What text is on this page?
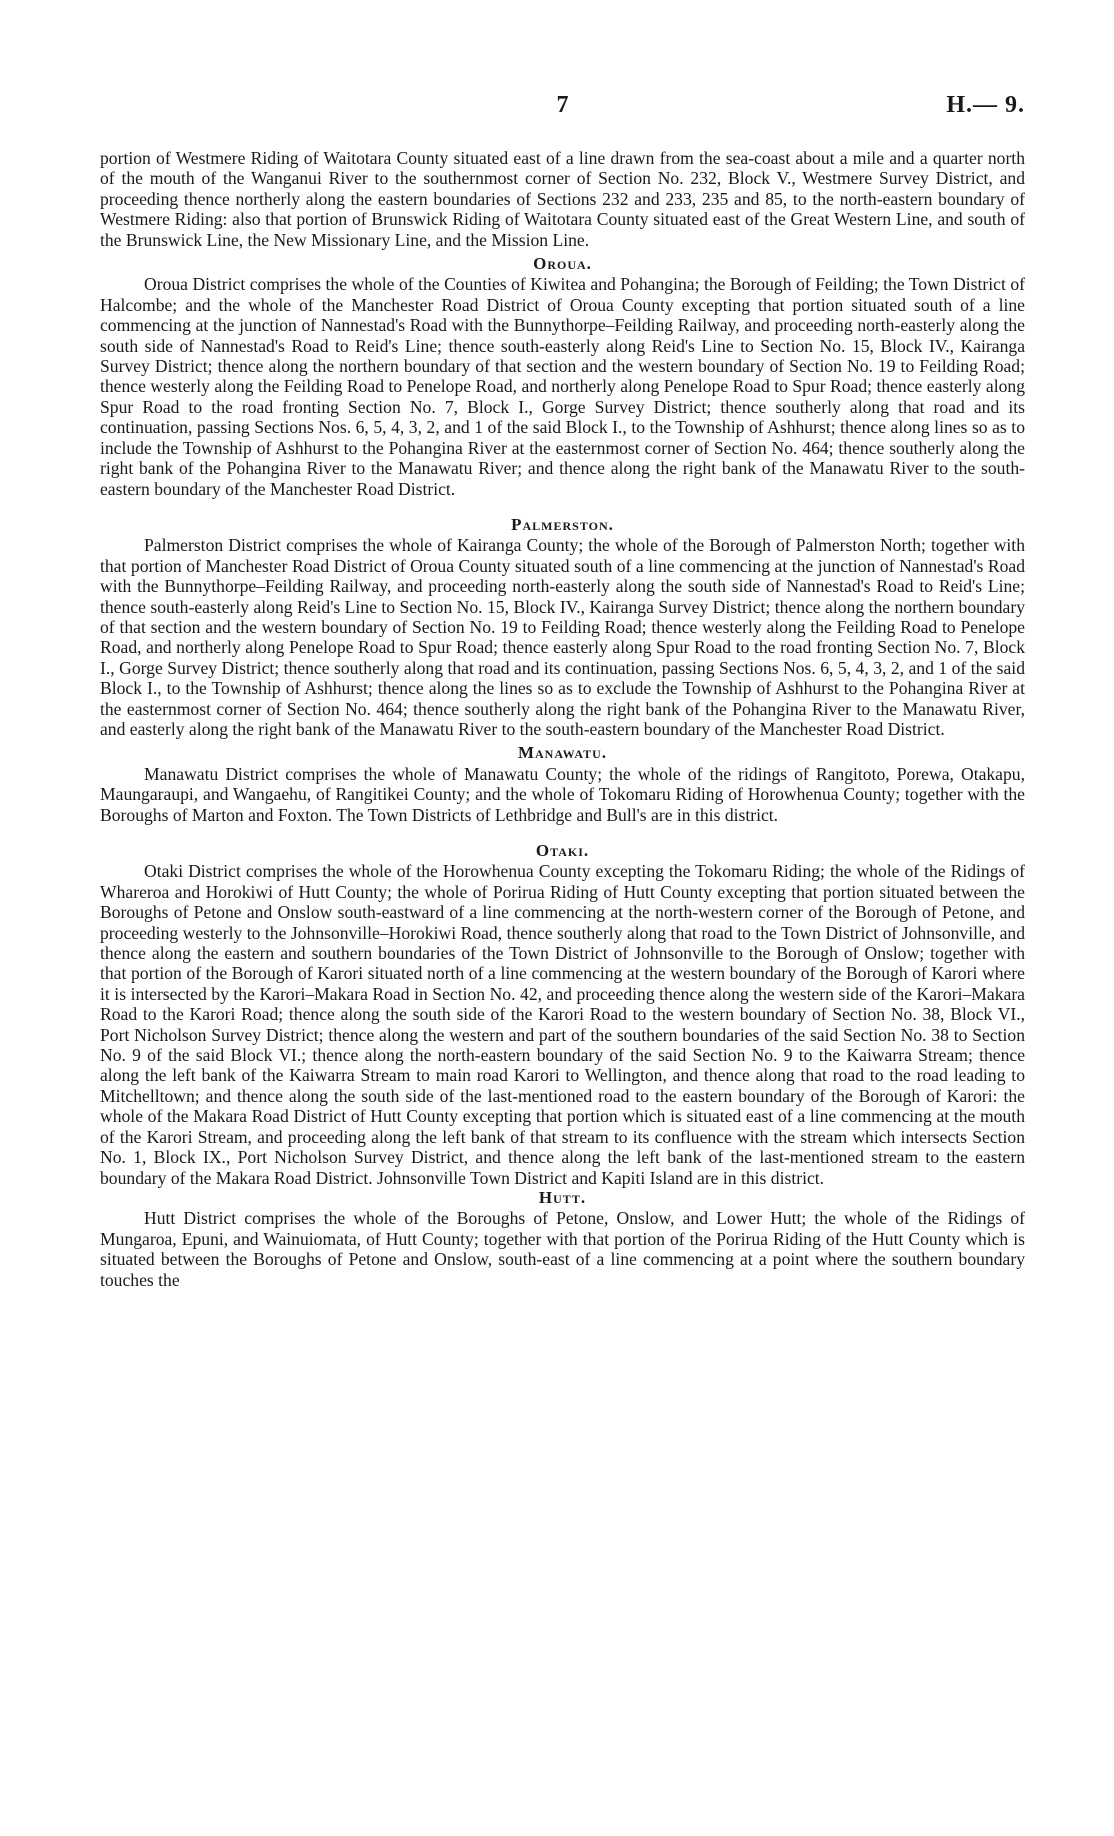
7	H.— 9.

portion of Westmere Riding of Waitotara County situated east of a line drawn from the sea-coast about a mile and a quarter north of the mouth of the Wanganui River to the southernmost corner of Section No. 232, Block V., Westmere Survey District, and proceeding thence northerly along the eastern boundaries of Sections 232 and 233, 235 and 85, to the north-eastern boundary of Westmere Riding: also that portion of Brunswick Riding of Waitotara County situated east of the Great Western Line, and south of the Brunswick Line, the New Missionary Line, and the Mission Line.

Oroua.

Oroua District comprises the whole of the Counties of Kiwitea and Pohangina; the Borough of Feilding; the Town District of Halcombe; and the whole of the Manchester Road District of Oroua County excepting that portion situated south of a line commencing at the junction of Nannestad's Road with the Bunnythorpe–Feilding Railway, and proceeding north-easterly along the south side of Nannestad's Road to Reid's Line; thence south-easterly along Reid's Line to Section No. 15, Block IV., Kairanga Survey District; thence along the northern boundary of that section and the western boundary of Section No. 19 to Feilding Road; thence westerly along the Feilding Road to Penelope Road, and northerly along Penelope Road to Spur Road; thence easterly along Spur Road to the road fronting Section No. 7, Block I., Gorge Survey District; thence southerly along that road and its continuation, passing Sections Nos. 6, 5, 4, 3, 2, and 1 of the said Block I., to the Township of Ashhurst; thence along lines so as to include the Township of Ashhurst to the Pohangina River at the easternmost corner of Section No. 464; thence southerly along the right bank of the Pohangina River to the Manawatu River; and thence along the right bank of the Manawatu River to the south-eastern boundary of the Manchester Road District.

Palmerston.

Palmerston District comprises the whole of Kairanga County; the whole of the Borough of Palmerston North; together with that portion of Manchester Road District of Oroua County situated south of a line commencing at the junction of Nannestad's Road with the Bunnythorpe–Feilding Railway, and proceeding north-easterly along the south side of Nannestad's Road to Reid's Line; thence south-easterly along Reid's Line to Section No. 15, Block IV., Kairanga Survey District; thence along the northern boundary of that section and the western boundary of Section No. 19 to Feilding Road; thence westerly along the Feilding Road to Penelope Road, and northerly along Penelope Road to Spur Road; thence easterly along Spur Road to the road fronting Section No. 7, Block I., Gorge Survey District; thence southerly along that road and its continuation, passing Sections Nos. 6, 5, 4, 3, 2, and 1 of the said Block I., to the Township of Ashhurst; thence along the lines so as to exclude the Township of Ashhurst to the Pohangina River at the easternmost corner of Section No. 464; thence southerly along the right bank of the Pohangina River to the Manawatu River, and easterly along the right bank of the Manawatu River to the south-eastern boundary of the Manchester Road District.

Manawatu.

Manawatu District comprises the whole of Manawatu County; the whole of the ridings of Rangitoto, Porewa, Otakapu, Maungaraupi, and Wangaehu, of Rangitikei County; and the whole of Tokomaru Riding of Horowhenua County; together with the Boroughs of Marton and Foxton. The Town Districts of Lethbridge and Bull's are in this district.

Otaki.

Otaki District comprises the whole of the Horowhenua County excepting the Tokomaru Riding; the whole of the Ridings of Whareroa and Horokiwi of Hutt County; the whole of Porirua Riding of Hutt County excepting that portion situated between the Boroughs of Petone and Onslow south-eastward of a line commencing at the north-western corner of the Borough of Petone, and proceeding westerly to the Johnsonville–Horokiwi Road, thence southerly along that road to the Town District of Johnsonville, and thence along the eastern and southern boundaries of the Town District of Johnsonville to the Borough of Onslow; together with that portion of the Borough of Karori situated north of a line commencing at the western boundary of the Borough of Karori where it is intersected by the Karori–Makara Road in Section No. 42, and proceeding thence along the western side of the Karori–Makara Road to the Karori Road; thence along the south side of the Karori Road to the western boundary of Section No. 38, Block VI., Port Nicholson Survey District; thence along the western and part of the southern boundaries of the said Section No. 38 to Section No. 9 of the said Block VI.; thence along the north-eastern boundary of the said Section No. 9 to the Kaiwarra Stream; thence along the left bank of the Kaiwarra Stream to main road Karori to Wellington, and thence along that road to the road leading to Mitchelltown; and thence along the south side of the last-mentioned road to the eastern boundary of the Borough of Karori: the whole of the Makara Road District of Hutt County excepting that portion which is situated east of a line commencing at the mouth of the Karori Stream, and proceeding along the left bank of that stream to its confluence with the stream which intersects Section No. 1, Block IX., Port Nicholson Survey District, and thence along the left bank of the last-mentioned stream to the eastern boundary of the Makara Road District. Johnsonville Town District and Kapiti Island are in this district.

Hutt.

Hutt District comprises the whole of the Boroughs of Petone, Onslow, and Lower Hutt; the whole of the Ridings of Mungaroa, Epuni, and Wainuiomata, of Hutt County; together with that portion of the Porirua Riding of the Hutt County which is situated between the Boroughs of Petone and Onslow, south-east of a line commencing at a point where the southern boundary touches the
